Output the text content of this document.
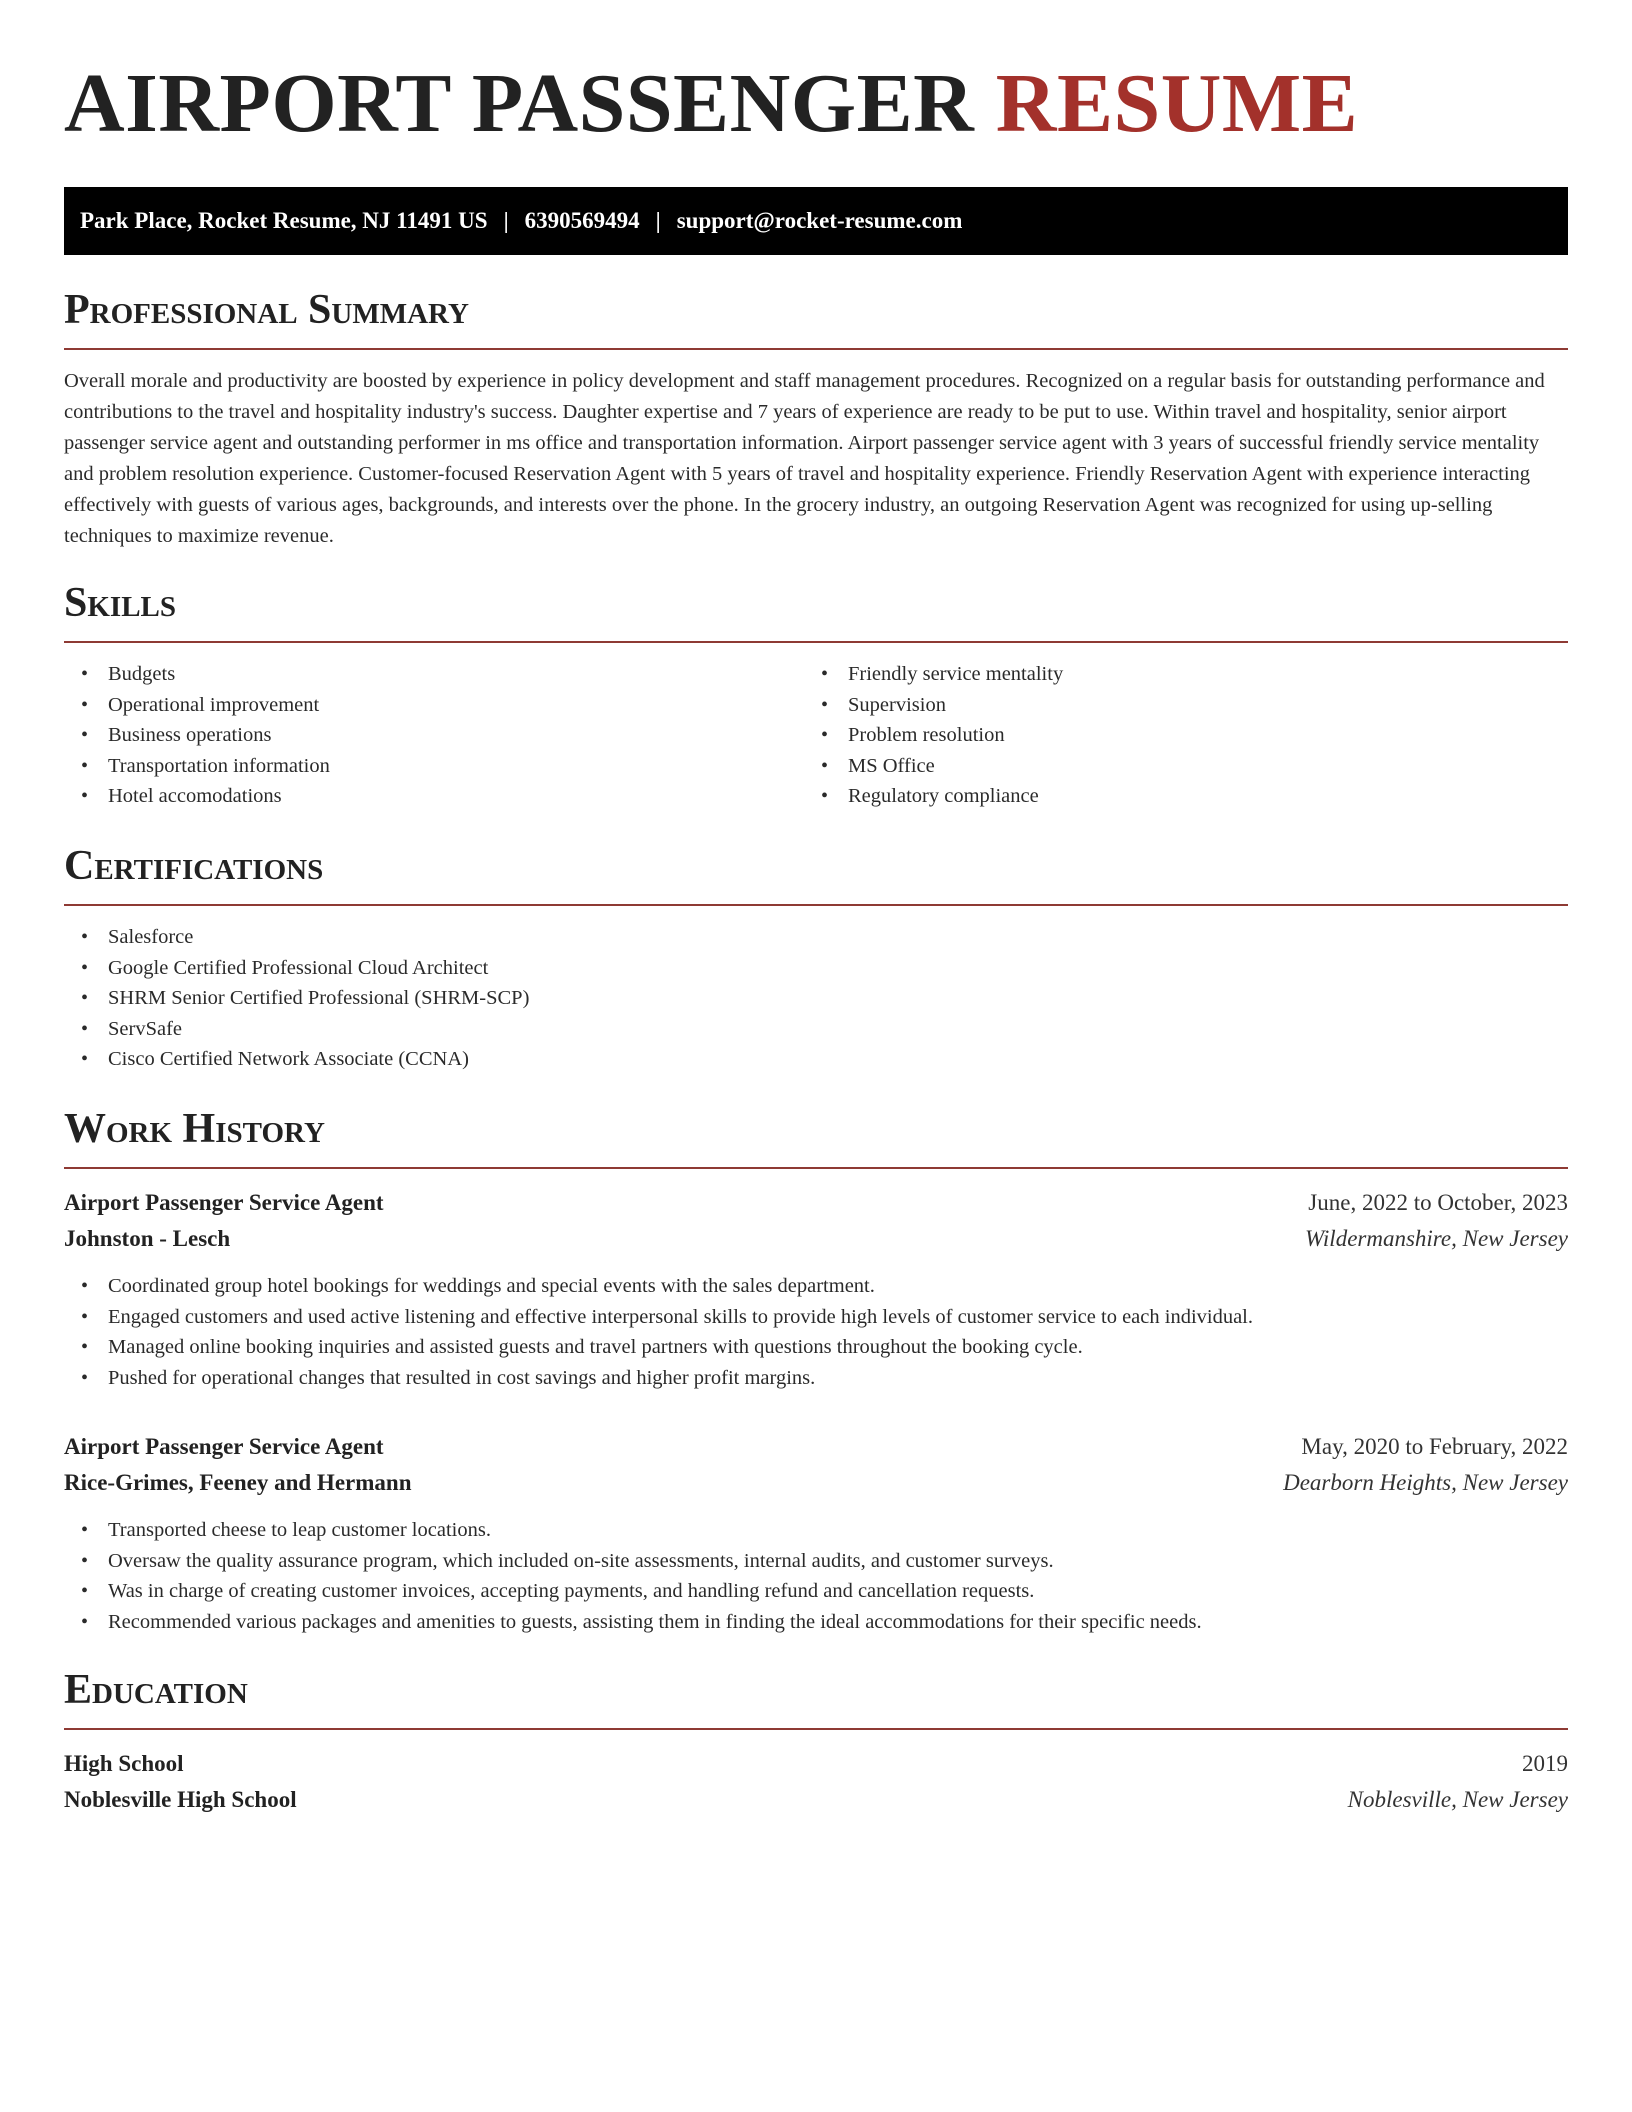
AIRPORT PASSENGER RESUME
Park Place, Rocket Resume, NJ 11491 US | 6390569494 | support@rocket-resume.com
Professional Summary

Overall morale and productivity are boosted by experience in policy development and staff management procedures. Recognized on a regular basis for outstanding performance and contributions to the travel and hospitality industry's success. Daughter expertise and 7 years of experience are ready to be put to use. Within travel and hospitality, senior airport passenger service agent and outstanding performer in ms office and transportation information. Airport passenger service agent with 3 years of successful friendly service mentality and problem resolution experience. Customer-focused Reservation Agent with 5 years of travel and hospitality experience. Friendly Reservation Agent with experience interacting effectively with guests of various ages, backgrounds, and interests over the phone. In the grocery industry, an outgoing Reservation Agent was recognized for using up-selling techniques to maximize revenue.

Skills
• Budgets
• Operational improvement
• Business operations
• Transportation information
• Hotel accomodations
• Friendly service mentality
• Supervision
• Problem resolution
• MS Office
• Regulatory compliance
Certifications
• Salesforce
• Google Certified Professional Cloud Architect
• SHRM Senior Certified Professional (SHRM-SCP)
• ServSafe
• Cisco Certified Network Associate (CCNA)
Work History
Airport Passenger Service Agent	June, 2022 to October, 2023
Johnston - Lesch	Wildermanshire, New Jersey
• Coordinated group hotel bookings for weddings and special events with the sales department.
• Engaged customers and used active listening and effective interpersonal skills to provide high levels of customer service to each individual.
• Managed online booking inquiries and assisted guests and travel partners with questions throughout the booking cycle.
• Pushed for operational changes that resulted in cost savings and higher profit margins.
Airport Passenger Service Agent	May, 2020 to February, 2022
Rice-Grimes, Feeney and Hermann	Dearborn Heights, New Jersey
• Transported cheese to leap customer locations.
• Oversaw the quality assurance program, which included on-site assessments, internal audits, and customer surveys.
• Was in charge of creating customer invoices, accepting payments, and handling refund and cancellation requests.
• Recommended various packages and amenities to guests, assisting them in finding the ideal accommodations for their specific needs.
Education
High School	2019
Noblesville High School	Noblesville, New Jersey
